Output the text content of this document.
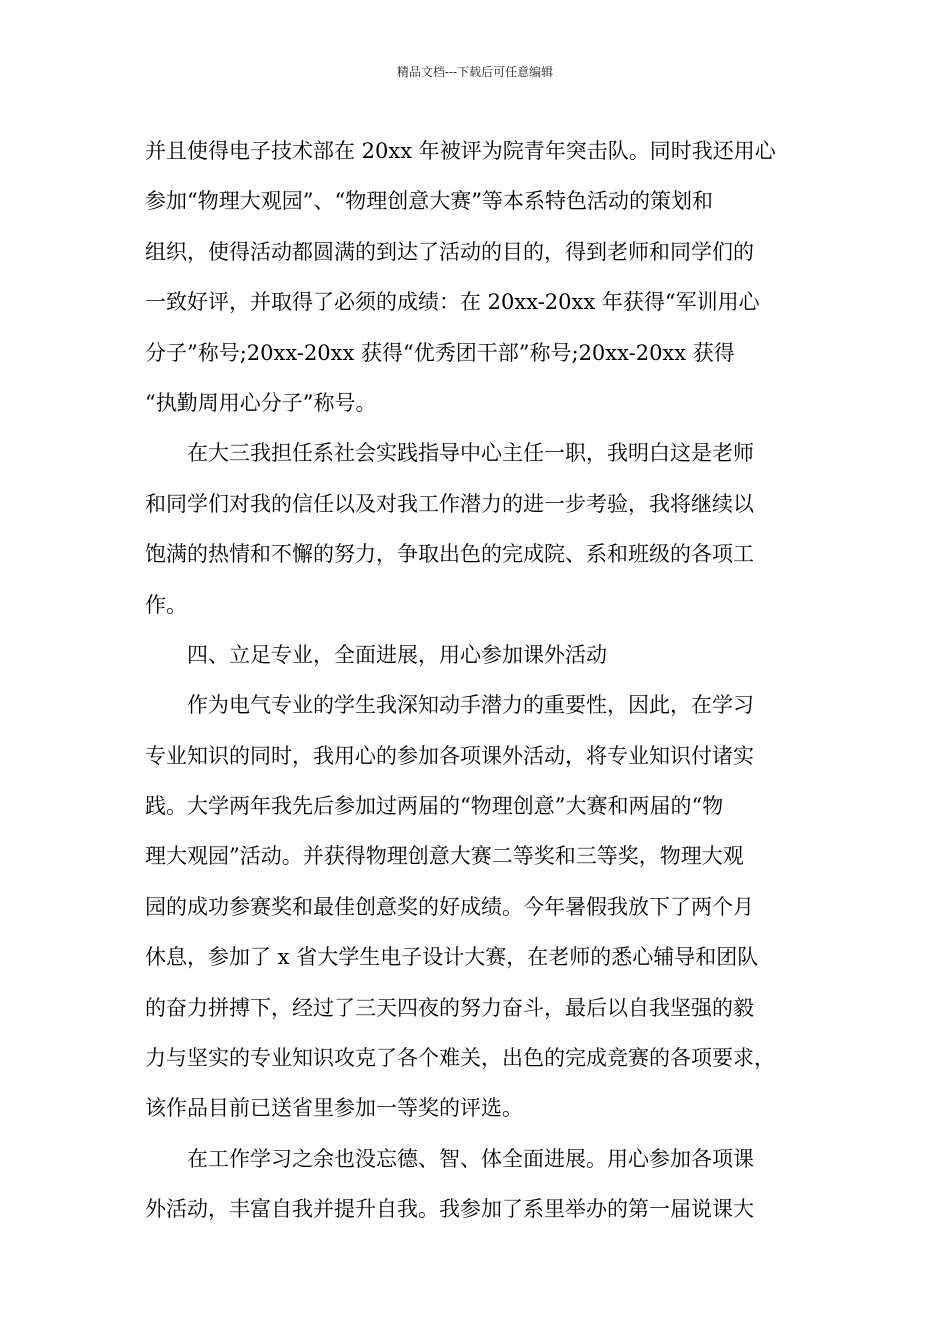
精品文档---下载后可任意编辑
并且使得电子技术部在 20xx 年被评为院青年突击队。同时我还用心
参加“物理大观园”、“物理创意大赛”等本系特色活动的策划和
组织，使得活动都圆满的到达了活动的目的，得到老师和同学们的
一致好评，并取得了必须的成绩：在 20xx-20xx 年获得“军训用心
分子”称号;20xx-20xx 获得“优秀团干部”称号;20xx-20xx 获得
“执勤周用心分子”称号。
在大三我担任系社会实践指导中心主任一职，我明白这是老师
和同学们对我的信任以及对我工作潜力的进一步考验，我将继续以
饱满的热情和不懈的努力，争取出色的完成院、系和班级的各项工
作。
四、立足专业，全面进展，用心参加课外活动
作为电气专业的学生我深知动手潜力的重要性，因此，在学习
专业知识的同时，我用心的参加各项课外活动，将专业知识付诸实
践。大学两年我先后参加过两届的“物理创意”大赛和两届的“物
理大观园”活动。并获得物理创意大赛二等奖和三等奖，物理大观
园的成功参赛奖和最佳创意奖的好成绩。今年暑假我放下了两个月
休息，参加了 x 省大学生电子设计大赛，在老师的悉心辅导和团队
的奋力拼搏下，经过了三天四夜的努力奋斗，最后以自我坚强的毅
力与坚实的专业知识攻克了各个难关，出色的完成竞赛的各项要求，
该作品目前已送省里参加一等奖的评选。
在工作学习之余也没忘德、智、体全面进展。用心参加各项课
外活动，丰富自我并提升自我。我参加了系里举办的第一届说课大
